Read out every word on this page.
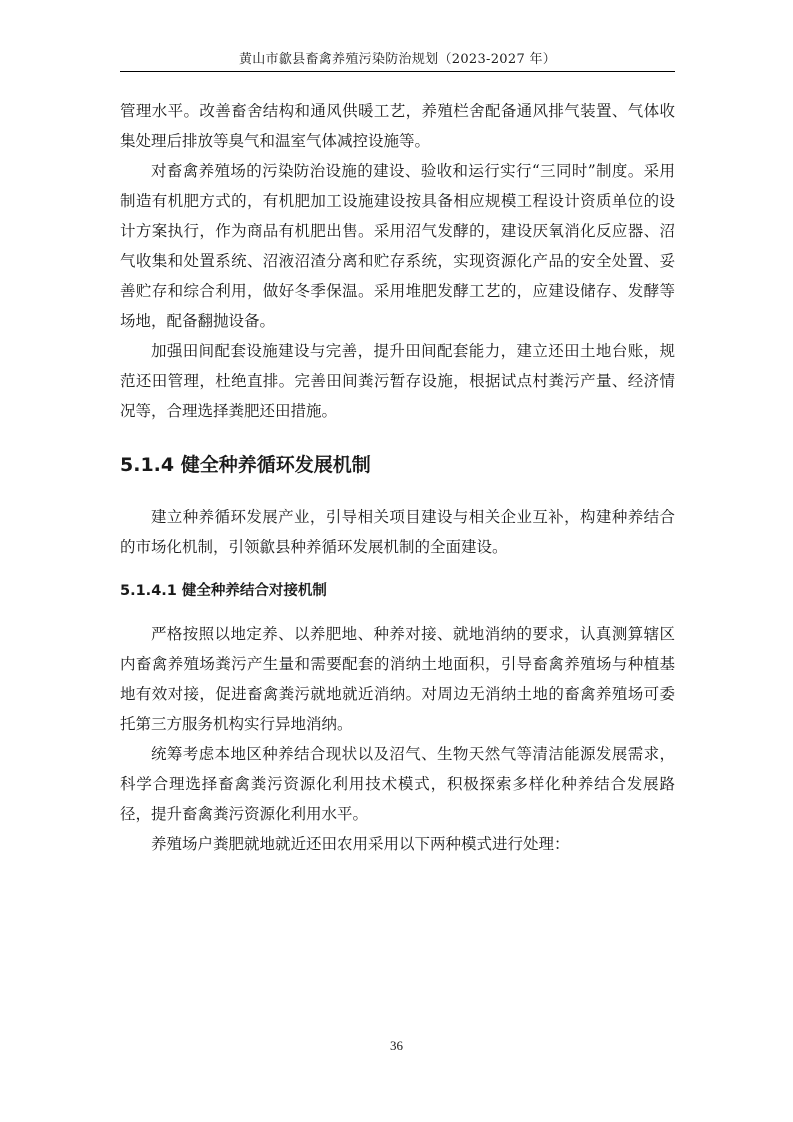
黄山市歙县畜禽养殖污染防治规划（2023-2027 年）

管理水平。改善畜舍结构和通风供暖工艺，养殖栏舍配备通风排气装置、气体收集处理后排放等臭气和温室气体减控设施等。

对畜禽养殖场的污染防治设施的建设、验收和运行实行“三同时”制度。采用制造有机肥方式的，有机肥加工设施建设按具备相应规模工程设计资质单位的设计方案执行，作为商品有机肥出售。采用沼气发酵的，建设厌氧消化反应器、沼气收集和处置系统、沼液沼渣分离和贮存系统，实现资源化产品的安全处置、妥善贮存和综合利用，做好冬季保温。采用堆肥发酵工艺的，应建设储存、发酵等场地，配备翻抛设备。

加强田间配套设施建设与完善，提升田间配套能力，建立还田土地台账，规范还田管理，杜绝直排。完善田间粪污暂存设施，根据试点村粪污产量、经济情况等，合理选择粪肥还田措施。

5.1.4 健全种养循环发展机制

建立种养循环发展产业，引导相关项目建设与相关企业互补，构建种养结合的市场化机制，引领歙县种养循环发展机制的全面建设。

5.1.4.1 健全种养结合对接机制

严格按照以地定养、以养肥地、种养对接、就地消纳的要求，认真测算辖区内畜禽养殖场粪污产生量和需要配套的消纳土地面积，引导畜禽养殖场与种植基地有效对接，促进畜禽粪污就地就近消纳。对周边无消纳土地的畜禽养殖场可委托第三方服务机构实行异地消纳。

统筹考虑本地区种养结合现状以及沼气、生物天然气等清洁能源发展需求，科学合理选择畜禽粪污资源化利用技术模式，积极探索多样化种养结合发展路径，提升畜禽粪污资源化利用水平。

养殖场户粪肥就地就近还田农用采用以下两种模式进行处理：

36
